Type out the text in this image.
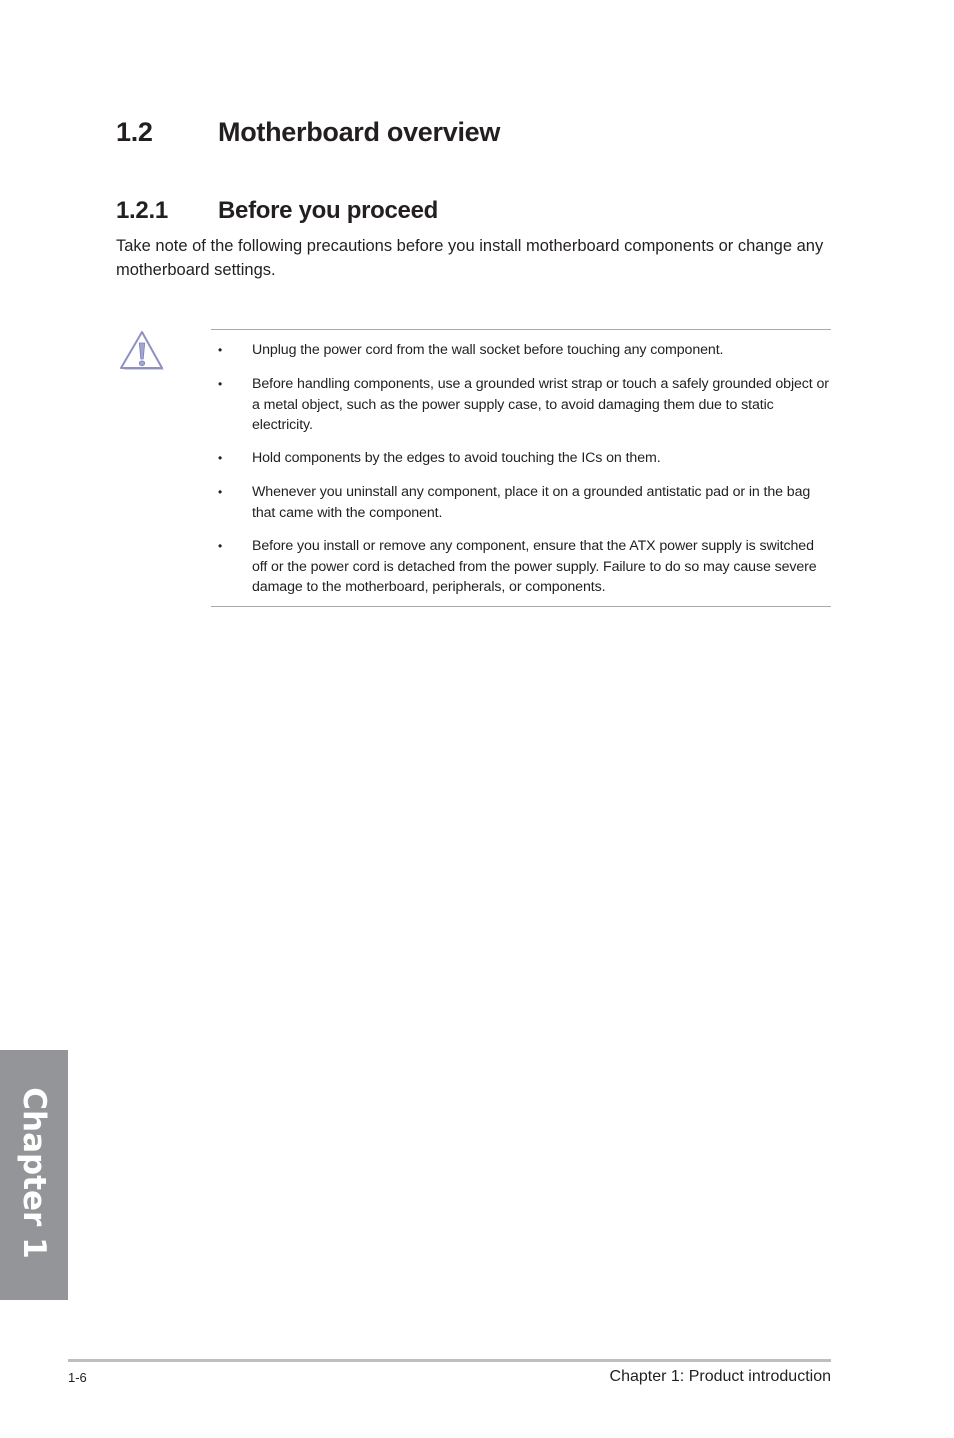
1.2 Motherboard overview
1.2.1 Before you proceed

Take note of the following precautions before you install motherboard components or change any motherboard settings.

• Unplug the power cord from the wall socket before touching any component.
• Before handling components, use a grounded wrist strap or touch a safely grounded object or a metal object, such as the power supply case, to avoid damaging them due to static electricity.
• Hold components by the edges to avoid touching the ICs on them.
• Whenever you uninstall any component, place it on a grounded antistatic pad or in the bag that came with the component.
• Before you install or remove any component, ensure that the ATX power supply is switched off or the power cord is detached from the power supply. Failure to do so may cause severe damage to the motherboard, peripherals, or components.
Chapter 1
1-6	Chapter 1: Product introduction
